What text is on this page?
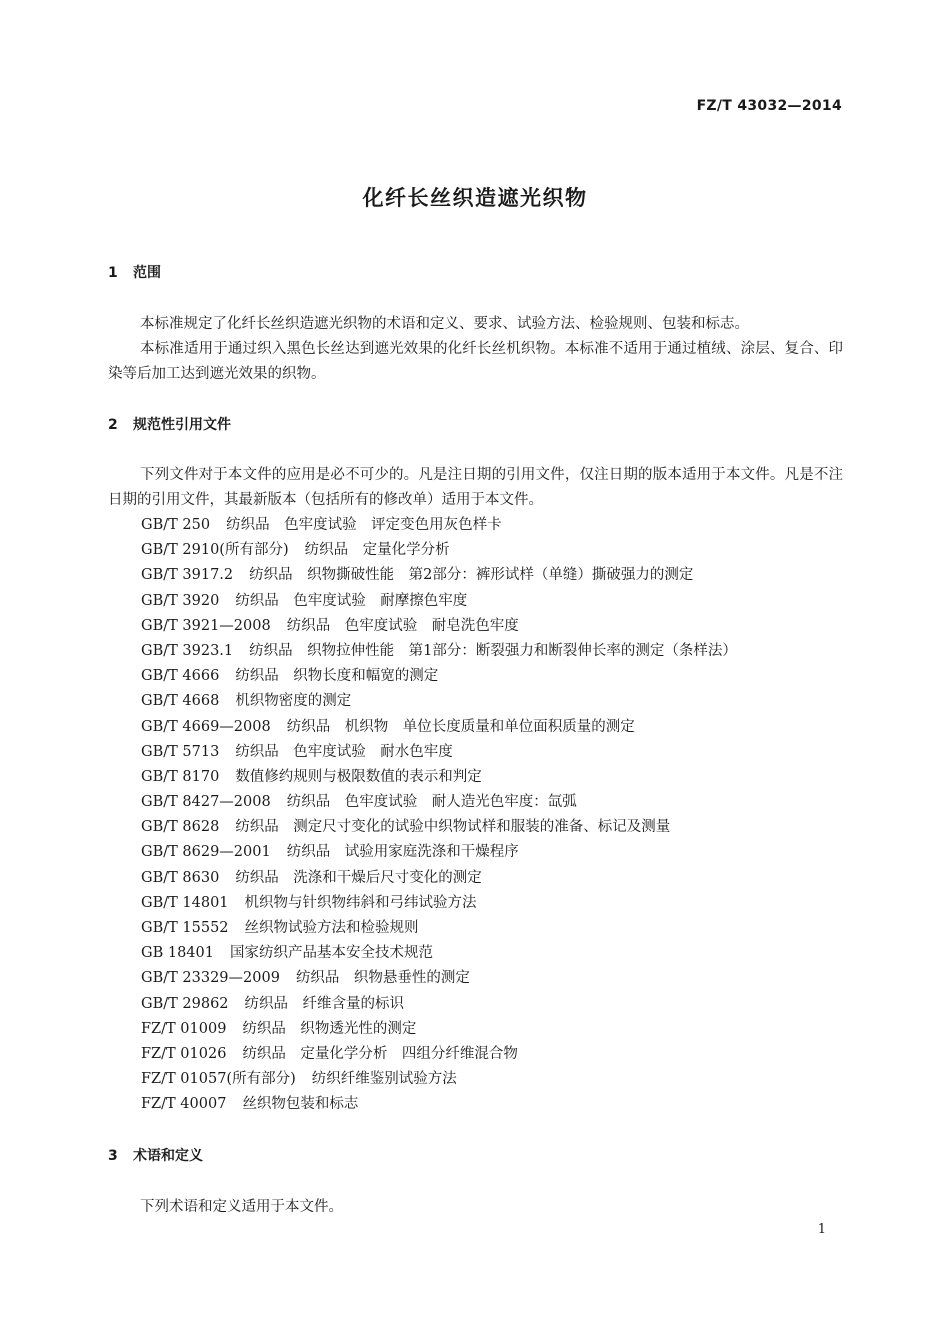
FZ/T 43032—2014
化纤长丝织造遮光织物
1 范围

本标准规定了化纤长丝织造遮光织物的术语和定义、要求、试验方法、检验规则、包装和标志。

本标准适用于通过织入黑色长丝达到遮光效果的化纤长丝机织物。本标准不适用于通过植绒、涂层、复合、印染等后加工达到遮光效果的织物。

2 规范性引用文件

下列文件对于本文件的应用是必不可少的。凡是注日期的引用文件，仅注日期的版本适用于本文件。凡是不注日期的引用文件，其最新版本（包括所有的修改单）适用于本文件。

GB/T 250 纺织品　色牢度试验　评定变色用灰色样卡
GB/T 2910(所有部分) 纺织品　定量化学分析
GB/T 3917.2 纺织品　织物撕破性能　第2部分：裤形试样（单缝）撕破强力的测定
GB/T 3920 纺织品　色牢度试验　耐摩擦色牢度
GB/T 3921—2008 纺织品　色牢度试验　耐皂洗色牢度
GB/T 3923.1 纺织品　织物拉伸性能　第1部分：断裂强力和断裂伸长率的测定（条样法）
GB/T 4666 纺织品　织物长度和幅宽的测定
GB/T 4668 机织物密度的测定
GB/T 4669—2008 纺织品　机织物　单位长度质量和单位面积质量的测定
GB/T 5713 纺织品　色牢度试验　耐水色牢度
GB/T 8170 数值修约规则与极限数值的表示和判定
GB/T 8427—2008 纺织品　色牢度试验　耐人造光色牢度：氙弧
GB/T 8628 纺织品　测定尺寸变化的试验中织物试样和服装的准备、标记及测量
GB/T 8629—2001 纺织品　试验用家庭洗涤和干燥程序
GB/T 8630 纺织品　洗涤和干燥后尺寸变化的测定
GB/T 14801 机织物与针织物纬斜和弓纬试验方法
GB/T 15552 丝织物试验方法和检验规则
GB 18401 国家纺织产品基本安全技术规范
GB/T 23329—2009 纺织品　织物悬垂性的测定
GB/T 29862 纺织品　纤维含量的标识
FZ/T 01009 纺织品　织物透光性的测定
FZ/T 01026 纺织品　定量化学分析　四组分纤维混合物
FZ/T 01057(所有部分) 纺织纤维鉴别试验方法
FZ/T 40007 丝织物包装和标志
3 术语和定义

下列术语和定义适用于本文件。

1
